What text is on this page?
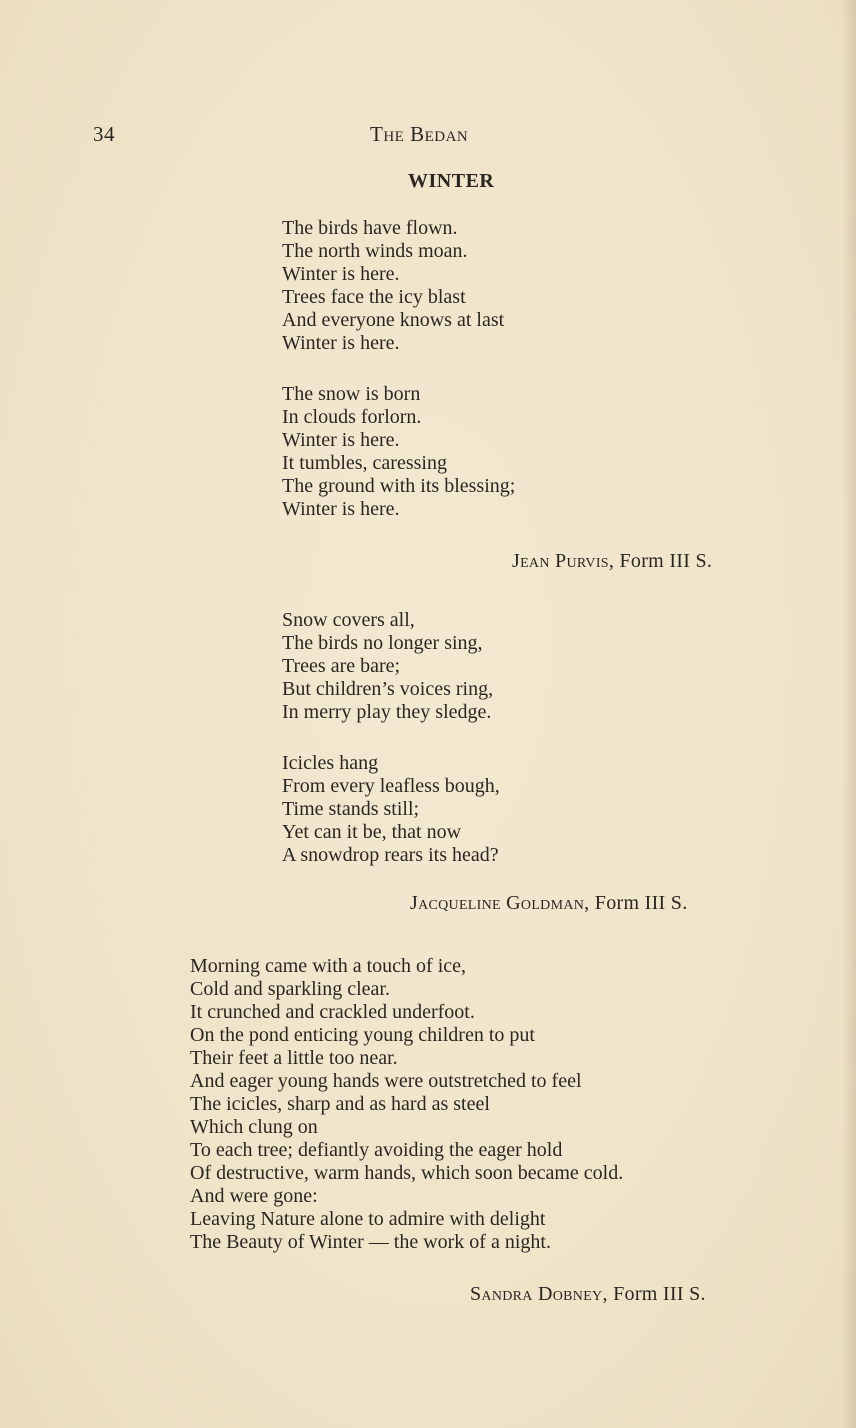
34	The Bedan
WINTER
The birds have flown.
The north winds moan.
Winter is here.
Trees face the icy blast
And everyone knows at last
Winter is here.
The snow is born
In clouds forlorn.
Winter is here.
It tumbles, caressing
The ground with its blessing;
Winter is here.
Jean Purvis, Form III S.
Snow covers all,
The birds no longer sing,
Trees are bare;
But children’s voices ring,
In merry play they sledge.
Icicles hang
From every leafless bough,
Time stands still;
Yet can it be, that now
A snowdrop rears its head?
Jacqueline Goldman, Form III S.
Morning came with a touch of ice,
Cold and sparkling clear.
It crunched and crackled underfoot.
On the pond enticing young children to put
Their feet a little too near.
And eager young hands were outstretched to feel
The icicles, sharp and as hard as steel
Which clung on
To each tree; defiantly avoiding the eager hold
Of destructive, warm hands, which soon became cold.
And were gone:
Leaving Nature alone to admire with delight
The Beauty of Winter — the work of a night.
Sandra Dobney, Form III S.
